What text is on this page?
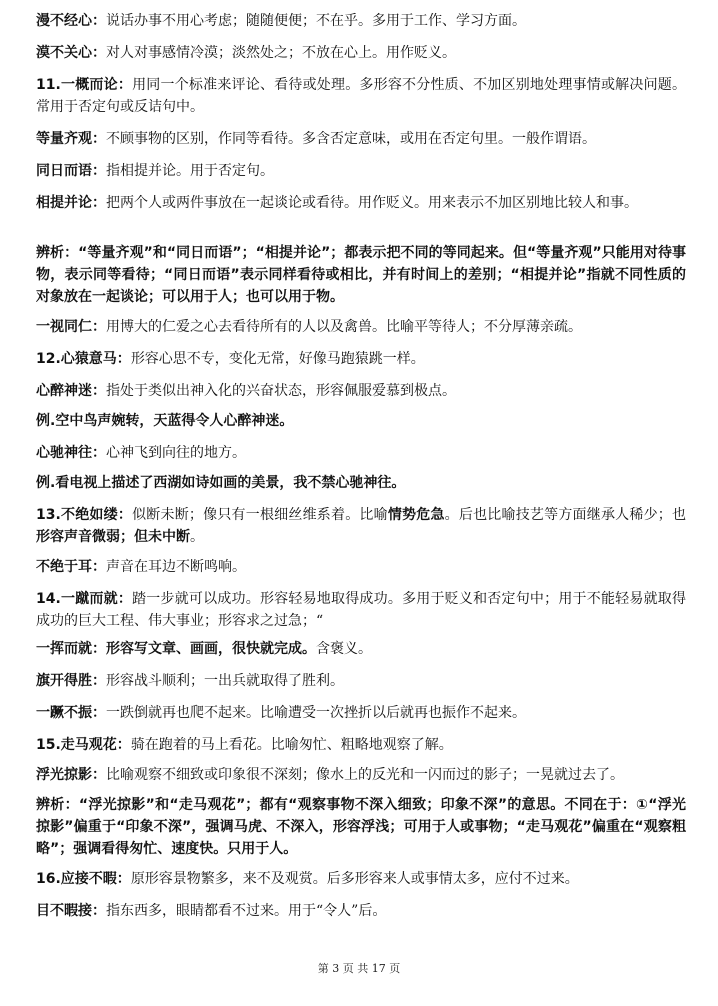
漫不经心：说话办事不用心考虑；随随便便；不在乎。多用于工作、学习方面。

漠不关心：对人对事感情冷漠；淡然处之；不放在心上。用作贬义。

11.一概而论：用同一个标准来评论、看待或处理。多形容不分性质、不加区别地处理事情或解决问题。常用于否定句或反诘句中。

等量齐观：不顾事物的区别，作同等看待。多含否定意味，或用在否定句里。一般作谓语。

同日而语：指相提并论。用于否定句。

相提并论：把两个人或两件事放在一起谈论或看待。用作贬义。用来表示不加区别地比较人和事。

辨析：“等量齐观”和“同日而语”；“相提并论”；都表示把不同的等同起来。但“等量齐观”只能用对待事物，表示同等看待；“同日而语”表示同样看待或相比，并有时间上的差别；“相提并论”指就不同性质的对象放在一起谈论；可以用于人；也可以用于物。

一视同仁：用博大的仁爱之心去看待所有的人以及禽兽。比喻平等待人；不分厚薄亲疏。

12.心猿意马：形容心思不专，变化无常，好像马跑猿跳一样。

心醉神迷：指处于类似出神入化的兴奋状态，形容佩服爱慕到极点。

例.空中鸟声婉转，天蓝得令人心醉神迷。

心驰神往：心神飞到向往的地方。

例.看电视上描述了西湖如诗如画的美景，我不禁心驰神往。

13.不绝如缕：似断未断；像只有一根细丝维系着。比喻情势危急。后也比喻技艺等方面继承人稀少；也形容声音微弱；但未中断。

不绝于耳：声音在耳边不断鸣响。

14.一蹴而就：踏一步就可以成功。形容轻易地取得成功。多用于贬义和否定句中；用于不能轻易就取得成功的巨大工程、伟大事业；形容求之过急；“

一挥而就：形容写文章、画画，很快就完成。含褒义。

旗开得胜：形容战斗顺利；一出兵就取得了胜利。

一蹶不振：一跌倒就再也爬不起来。比喻遭受一次挫折以后就再也振作不起来。

15.走马观花：骑在跑着的马上看花。比喻匆忙、粗略地观察了解。

浮光掠影：比喻观察不细致或印象很不深刻；像水上的反光和一闪而过的影子；一晃就过去了。

辨析：“浮光掠影”和“走马观花”；都有“观察事物不深入细致；印象不深”的意思。不同在于：①“浮光掠影”偏重于“印象不深”，强调马虎、不深入，形容浮浅；可用于人或事物；“走马观花”偏重在“观察粗略”；强调看得匆忙、速度快。只用于人。

16.应接不暇：原形容景物繁多，来不及观赏。后多形容来人或事情太多，应付不过来。

目不暇接：指东西多，眼睛都看不过来。用于“令人”后。

第 3 页 共 17 页
